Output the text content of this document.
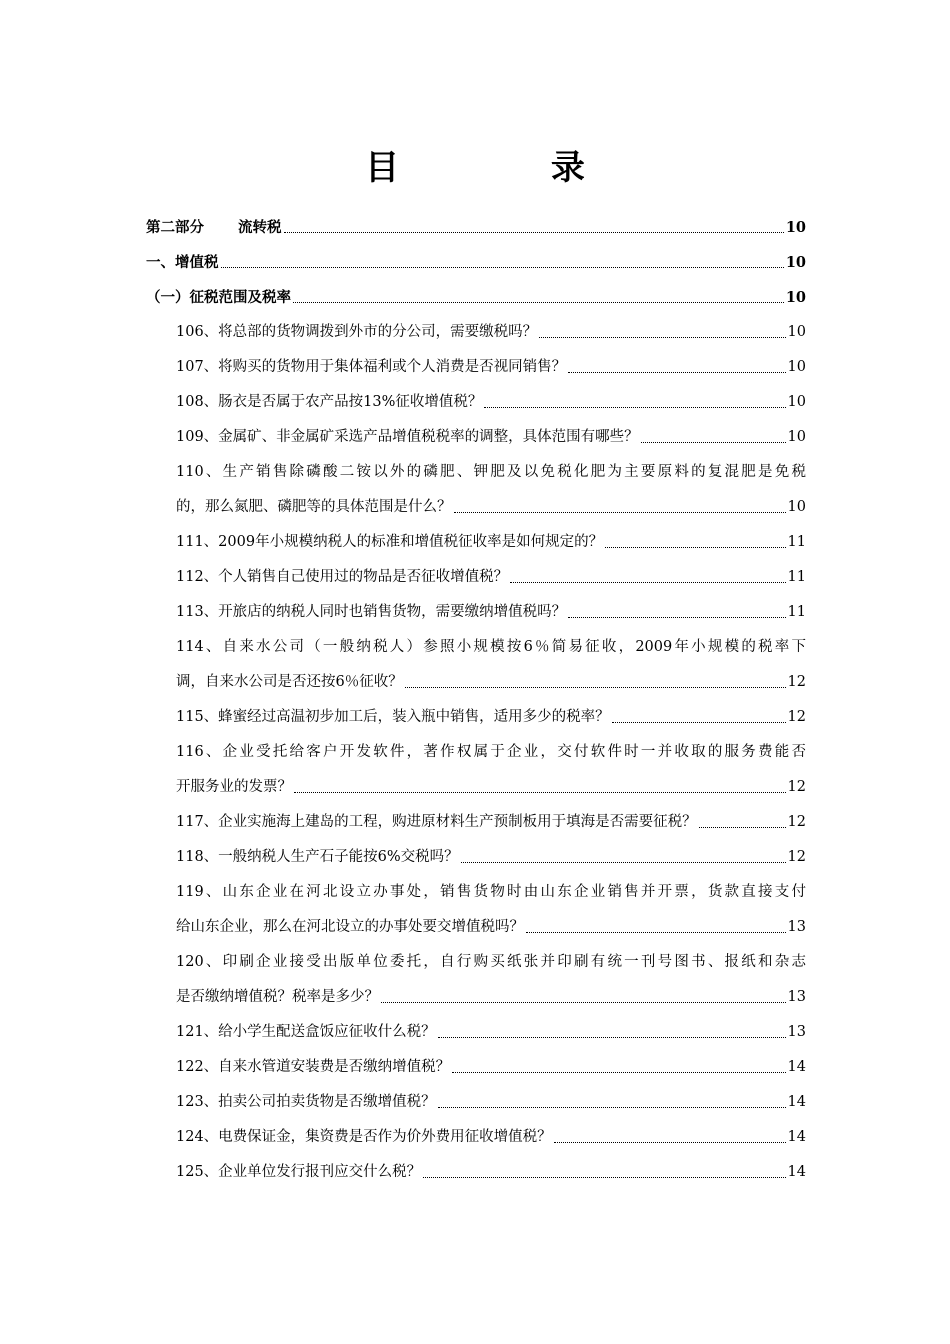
目 录
第二部分 流转税	10
一、增值税	10
（一）征税范围及税率	10
106、将总部的货物调拨到外市的分公司，需要缴税吗？	10
107、将购买的货物用于集体福利或个人消费是否视同销售？	10
108、肠衣是否属于农产品按13%征收增值税？	10
109、金属矿、非金属矿采选产品增值税税率的调整，具体范围有哪些？	10
110、生产销售除磷酸二铵以外的磷肥、钾肥及以免税化肥为主要原料的复混肥是免税
的，那么氮肥、磷肥等的具体范围是什么？	10
111、2009年小规模纳税人的标准和增值税征收率是如何规定的？	11
112、个人销售自己使用过的物品是否征收增值税？	11
113、开旅店的纳税人同时也销售货物，需要缴纳增值税吗？	11
114、自来水公司（一般纳税人）参照小规模按6％简易征收，2009年小规模的税率下
调，自来水公司是否还按6％征收？	12
115、蜂蜜经过高温初步加工后，装入瓶中销售，适用多少的税率？	12
116、企业受托给客户开发软件，著作权属于企业，交付软件时一并收取的服务费能否
开服务业的发票？	12
117、企业实施海上建岛的工程，购进原材料生产预制板用于填海是否需要征税？	12
118、一般纳税人生产石子能按6%交税吗？	12
119、山东企业在河北设立办事处，销售货物时由山东企业销售并开票，货款直接支付
给山东企业，那么在河北设立的办事处要交增值税吗？	13
120、印刷企业接受出版单位委托，自行购买纸张并印刷有统一刊号图书、报纸和杂志
是否缴纳增值税？税率是多少？	13
121、给小学生配送盒饭应征收什么税？	13
122、自来水管道安装费是否缴纳增值税？	14
123、拍卖公司拍卖货物是否缴增值税？	14
124、电费保证金，集资费是否作为价外费用征收增值税？	14
125、企业单位发行报刊应交什么税？	14
